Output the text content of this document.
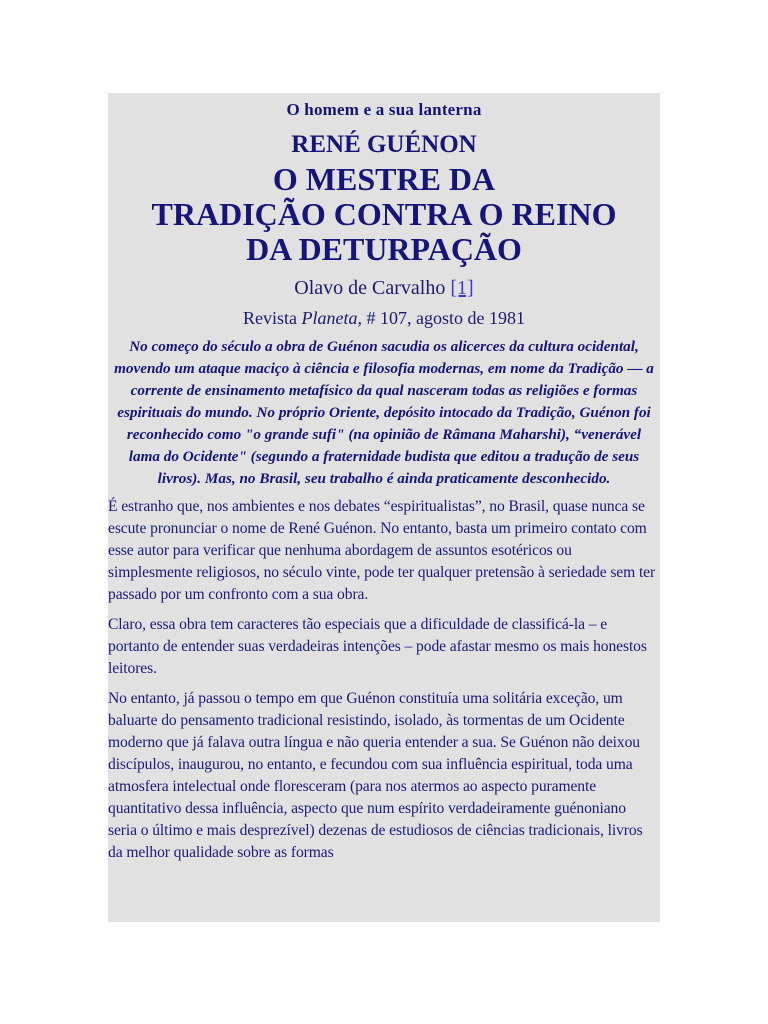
O homem e a sua lanterna
RENÉ GUÉNON
O MESTRE DA
TRADIÇÃO CONTRA O REINO
DA DETURPAÇÃO
Olavo de Carvalho [1]
Revista Planeta, # 107, agosto de 1981
No começo do século a obra de Guénon sacudia os alicerces da cultura ocidental, movendo um ataque maciço à ciência e filosofia modernas, em nome da Tradição — a corrente de ensinamento metafísico da qual nasceram todas as religiões e formas espirituais do mundo. No próprio Oriente, depósito intocado da Tradição, Guénon foi reconhecido como "o grande sufi" (na opinião de Râmana Maharshi), “venerável lama do Ocidente" (segundo a fraternidade budista que editou a tradução de seus livros). Mas, no Brasil, seu trabalho é ainda praticamente desconhecido.

É estranho que, nos ambientes e nos debates “espiritualistas”, no Brasil, quase nunca se escute pronunciar o nome de René Guénon. No entanto, basta um primeiro contato com esse autor para verificar que nenhuma abordagem de assuntos esotéricos ou simplesmente religiosos, no século vinte, pode ter qualquer pretensão à seriedade sem ter passado por um confronto com a sua obra.

Claro, essa obra tem caracteres tão especiais que a dificuldade de classificá-la – e portanto de entender suas verdadeiras intenções – pode afastar mesmo os mais honestos leitores.

No entanto, já passou o tempo em que Guénon constituía uma solitária exceção, um baluarte do pensamento tradicional resistindo, isolado, às tormentas de um Ocidente moderno que já falava outra língua e não queria entender a sua. Se Guénon não deixou discípulos, inaugurou, no entanto, e fecundou com sua influência espiritual, toda uma atmosfera intelectual onde floresceram (para nos atermos ao aspecto puramente quantitativo dessa influência, aspecto que num espírito verdadeiramente guénoniano seria o último e mais desprezível) dezenas de estudiosos de ciências tradicionais, livros da melhor qualidade sobre as formas
